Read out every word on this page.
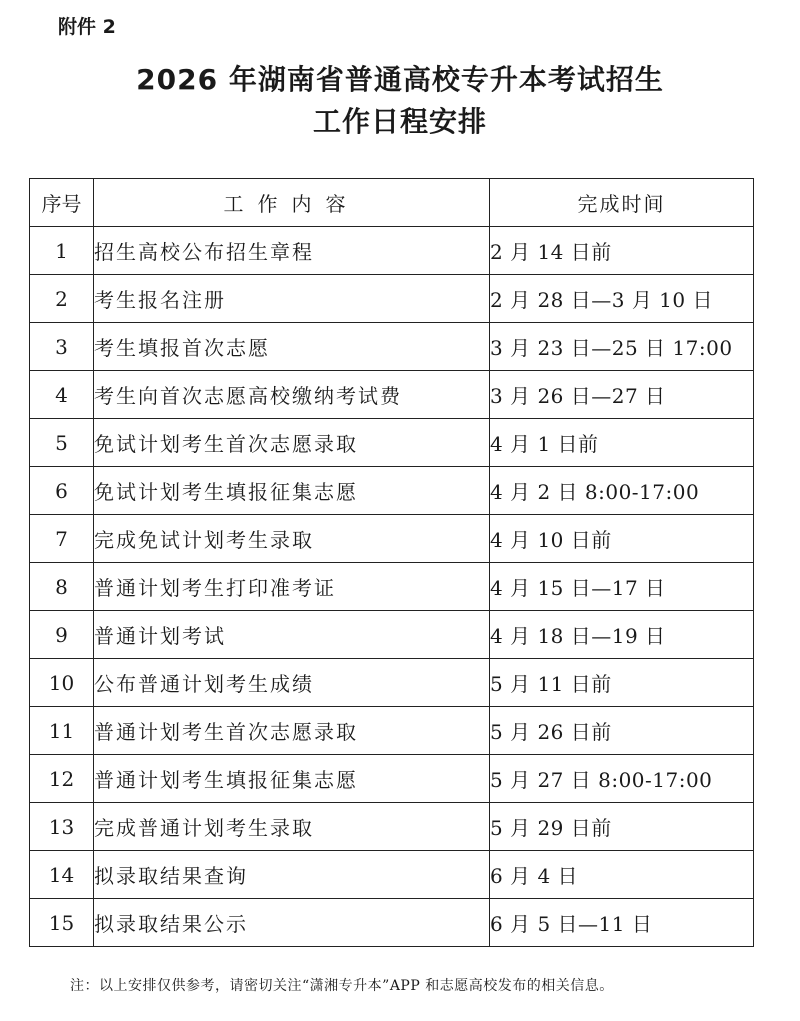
附件 2
2026 年湖南省普通高校专升本考试招生
工作日程安排
序号	工作内容	完成时间
1	招生高校公布招生章程	2 月 14 日前
2	考生报名注册	2 月 28 日—3 月 10 日
3	考生填报首次志愿	3 月 23 日—25 日 17:00
4	考生向首次志愿高校缴纳考试费	3 月 26 日—27 日
5	免试计划考生首次志愿录取	4 月 1 日前
6	免试计划考生填报征集志愿	4 月 2 日 8:00-17:00
7	完成免试计划考生录取	4 月 10 日前
8	普通计划考生打印准考证	4 月 15 日—17 日
9	普通计划考试	4 月 18 日—19 日
10	公布普通计划考生成绩	5 月 11 日前
11	普通计划考生首次志愿录取	5 月 26 日前
12	普通计划考生填报征集志愿	5 月 27 日 8:00-17:00
13	完成普通计划考生录取	5 月 29 日前
14	拟录取结果查询	6 月 4 日
15	拟录取结果公示	6 月 5 日—11 日
注：以上安排仅供参考，请密切关注“潇湘专升本”APP 和志愿高校发布的相关信息。
